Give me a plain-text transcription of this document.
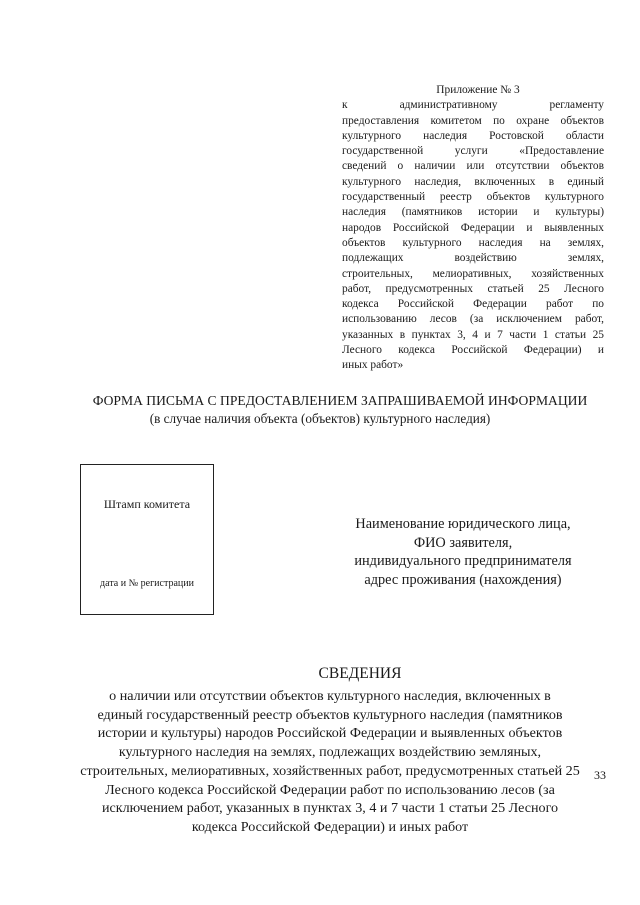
Приложение № 3
к административному регламенту
предоставления комитетом по охране объектов
культурного наследия Ростовской области
государственной услуги «Предоставление
сведений о наличии или отсутствии объектов
культурного наследия, включенных в единый
государственный реестр объектов культурного
наследия (памятников истории и культуры)
народов Российской Федерации и выявленных
объектов культурного наследия на землях,
подлежащих воздействию землях,
строительных, мелиоративных, хозяйственных
работ, предусмотренных статьей 25 Лесного
кодекса Российской Федерации работ по
использованию лесов (за исключением работ,
указанных в пунктах 3, 4 и 7 части 1 статьи 25
Лесного кодекса Российской Федерации) и
иных работ»
ФОРМА ПИСЬМА С ПРЕДОСТАВЛЕНИЕМ ЗАПРАШИВАЕМОЙ ИНФОРМАЦИИ
(в случае наличия объекта (объектов) культурного наследия)
Штамп комитета
дата и № регистрации
Наименование юридического лица,
ФИО заявителя,
индивидуального предпринимателя
адрес проживания (нахождения)
СВЕДЕНИЯ
о наличии или отсутствии объектов культурного наследия, включенных в
единый государственный реестр объектов культурного наследия (памятников
истории и культуры) народов Российской Федерации и выявленных объектов
культурного наследия на землях, подлежащих воздействию земляных,
строительных, мелиоративных, хозяйственных работ, предусмотренных статьей 25
Лесного кодекса Российской Федерации работ по использованию лесов (за
исключением работ, указанных в пунктах 3, 4 и 7 части 1 статьи 25 Лесного
кодекса Российской Федерации) и иных работ
33
